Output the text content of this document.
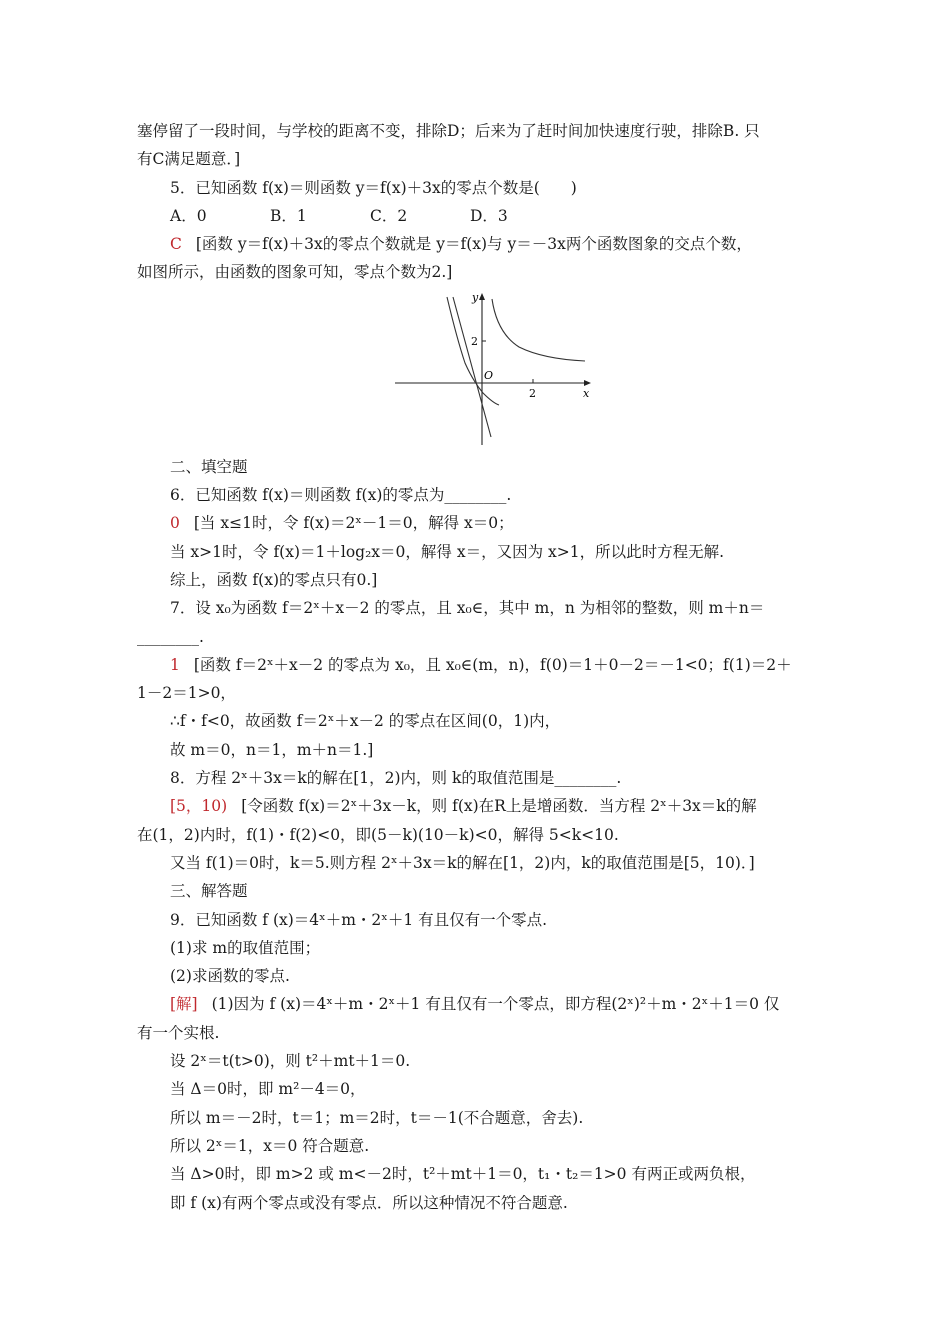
塞停留了一段时间，与学校的距离不变，排除D；后来为了赶时间加快速度行驶，排除B. 只
有C满足题意．]
5．已知函数 f(x)＝则函数 y＝f(x)＋3x的零点个数是(　　)
A．0	B．1	C．2	D．3
C [函数 y＝f(x)＋3x的零点个数就是 y＝f(x)与 y＝－3x两个函数图象的交点个数，
如图所示，由函数的图象可知，零点个数为2.]
x
y
O
2
2
二、填空题
6．已知函数 f(x)＝则函数 f(x)的零点为________.
0 [当 x≤1时，令 f(x)＝2ˣ－1＝0，解得 x＝0；
当 x>1时，令 f(x)＝1＋log₂x＝0，解得 x＝，又因为 x>1，所以此时方程无解.
综上，函数 f(x)的零点只有0.]
7．设 x₀为函数 f＝2ˣ＋x－2 的零点，且 x₀∈，其中 m，n 为相邻的整数，则 m＋n＝
________.
1 [函数 f＝2ˣ＋x－2 的零点为 x₀，且 x₀∈(m，n)，f(0)＝1＋0－2＝－1<0；f(1)＝2＋
1－2＝1>0，
∴f・f<0，故函数 f＝2ˣ＋x－2 的零点在区间(0，1)内，
故 m＝0，n＝1，m＋n＝1.]
8．方程 2ˣ＋3x＝k的解在[1，2)内，则 k的取值范围是________.
[5，10) [令函数 f(x)＝2ˣ＋3x－k，则 f(x)在R上是增函数．当方程 2ˣ＋3x＝k的解
在(1，2)内时，f(1)・f(2)<0，即(5－k)(10－k)<0，解得 5<k<10.
又当 f(1)＝0时，k＝5.则方程 2ˣ＋3x＝k的解在[1，2)内，k的取值范围是[5，10)．]
三、解答题
9．已知函数 f (x)＝4ˣ＋m・2ˣ＋1 有且仅有一个零点.
(1)求 m的取值范围；
(2)求函数的零点.
[解] (1)因为 f (x)＝4ˣ＋m・2ˣ＋1 有且仅有一个零点，即方程(2ˣ)²＋m・2ˣ＋1＝0 仅
有一个实根.
设 2ˣ＝t(t>0)，则 t²＋mt＋1＝0.
当 Δ＝0时，即 m²－4＝0，
所以 m＝－2时，t＝1；m＝2时，t＝－1(不合题意，舍去).
所以 2ˣ＝1，x＝0 符合题意.
当 Δ>0时，即 m>2 或 m<－2时，t²＋mt＋1＝0，t₁・t₂＝1>0 有两正或两负根，
即 f (x)有两个零点或没有零点．所以这种情况不符合题意.
